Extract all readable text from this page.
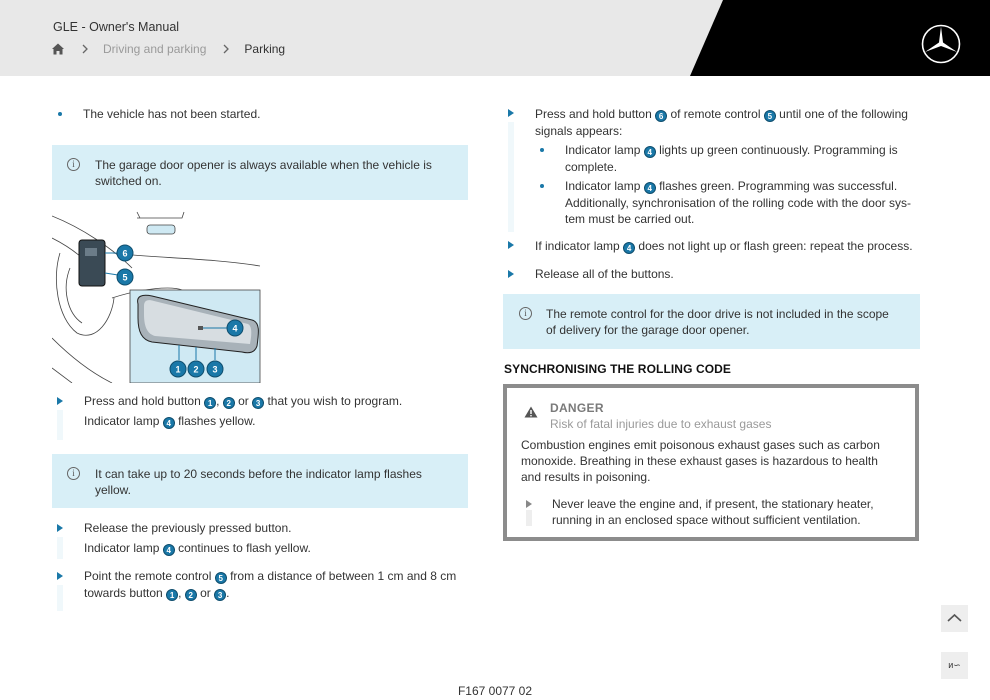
GLE - Owner's Manual
Driving and parking	Parking
The vehicle has not been started.
i	The garage door opener is always available when the vehicle is switched on.
6
5
4
1 2 3
Press and hold button 1 , 2 or 3 that you wish to program.
Indicator lamp 4 flashes yellow.
i	It can take up to 20 seconds before the indicator lamp flashes yellow.
Release the previously pressed button.
Indicator lamp 4 continues to flash yellow.
Point the remote control 5 from a distance of between 1 cm and 8 cm
towards button 1 , 2 or 3 .
Press and hold button 6 of remote control 5 until one of the following signals appears:
Indicator lamp 4 lights up green continuously. Programming is complete.
Indicator lamp 4 flashes green. Programming was successful. Additionally, synchronisation of the rolling code with the door sys-tem must be carried out.
If indicator lamp 4 does not light up or flash green: repeat the process.
Release all of the buttons.
i	The remote control for the door drive is not included in the scope of delivery for the garage door opener.
SYNCHRONISING THE ROLLING CODE
DANGER
Risk of fatal injuries due to exhaust gases
Combustion engines emit poisonous exhaust gases such as carbon monoxide. Breathing in these exhaust gases is hazardous to health and results in poisoning.
Never leave the engine and, if present, the stationary heater, running in an enclosed space without sufficient ventilation.
F167 0077 02
ᴎ∽
